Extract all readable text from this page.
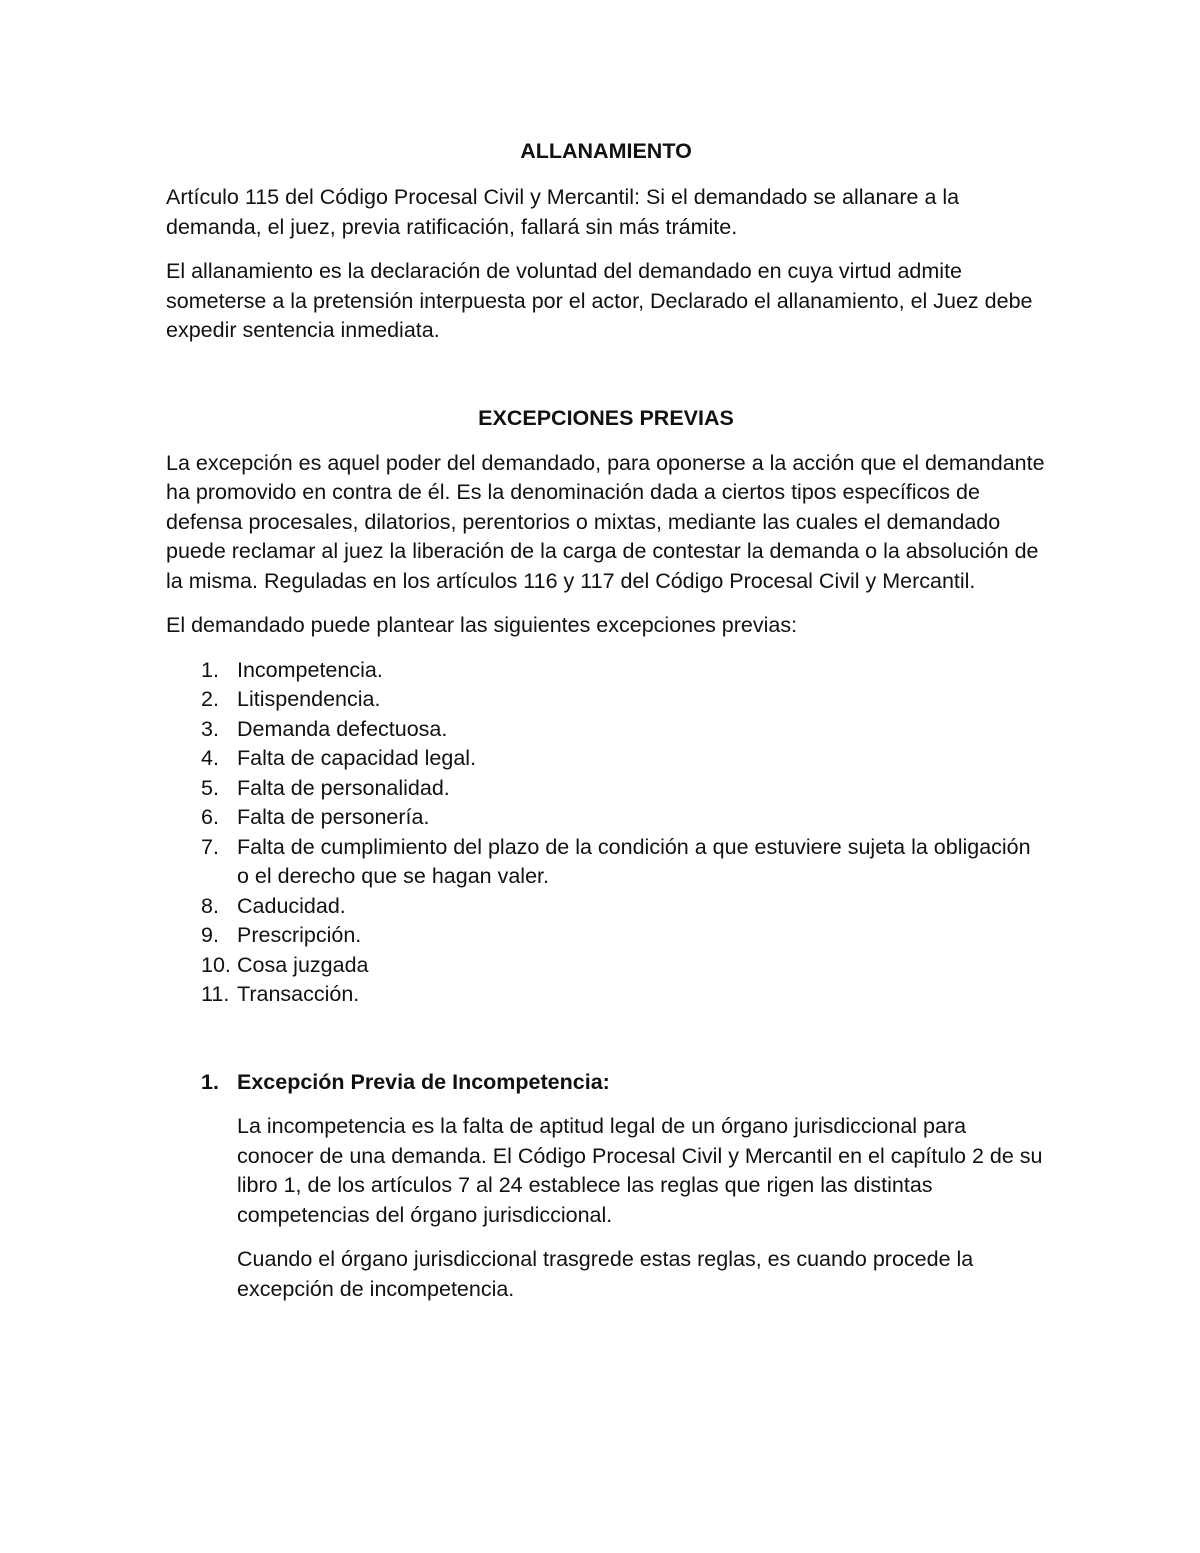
ALLANAMIENTO

Artículo 115 del Código Procesal Civil y Mercantil: Si el demandado se allanare a la demanda, el juez, previa ratificación, fallará sin más trámite.

El allanamiento es la declaración de voluntad del demandado en cuya virtud admite someterse a la pretensión interpuesta por el actor, Declarado el allanamiento, el Juez debe expedir sentencia inmediata.

EXCEPCIONES PREVIAS

La excepción es aquel poder del demandado, para oponerse a la acción que el demandante ha promovido en contra de él. Es la denominación dada a ciertos tipos específicos de defensa procesales, dilatorios, perentorios o mixtas, mediante las cuales el demandado puede reclamar al juez la liberación de la carga de contestar la demanda o la absolución de la misma. Reguladas en los artículos 116 y 117 del Código Procesal Civil y Mercantil.

El demandado puede plantear las siguientes excepciones previas:

1. Incompetencia.
2. Litispendencia.
3. Demanda defectuosa.
4. Falta de capacidad legal.
5. Falta de personalidad.
6. Falta de personería.
7. Falta de cumplimiento del plazo de la condición a que estuviere sujeta la obligación o el derecho que se hagan valer.
8. Caducidad.
9. Prescripción.
10. Cosa juzgada
11. Transacción.
1. Excepción Previa de Incompetencia:

La incompetencia es la falta de aptitud legal de un órgano jurisdiccional para conocer de una demanda. El Código Procesal Civil y Mercantil en el capítulo 2 de su libro 1, de los artículos 7 al 24 establece las reglas que rigen las distintas competencias del órgano jurisdiccional.

Cuando el órgano jurisdiccional trasgrede estas reglas, es cuando procede la excepción de incompetencia.
